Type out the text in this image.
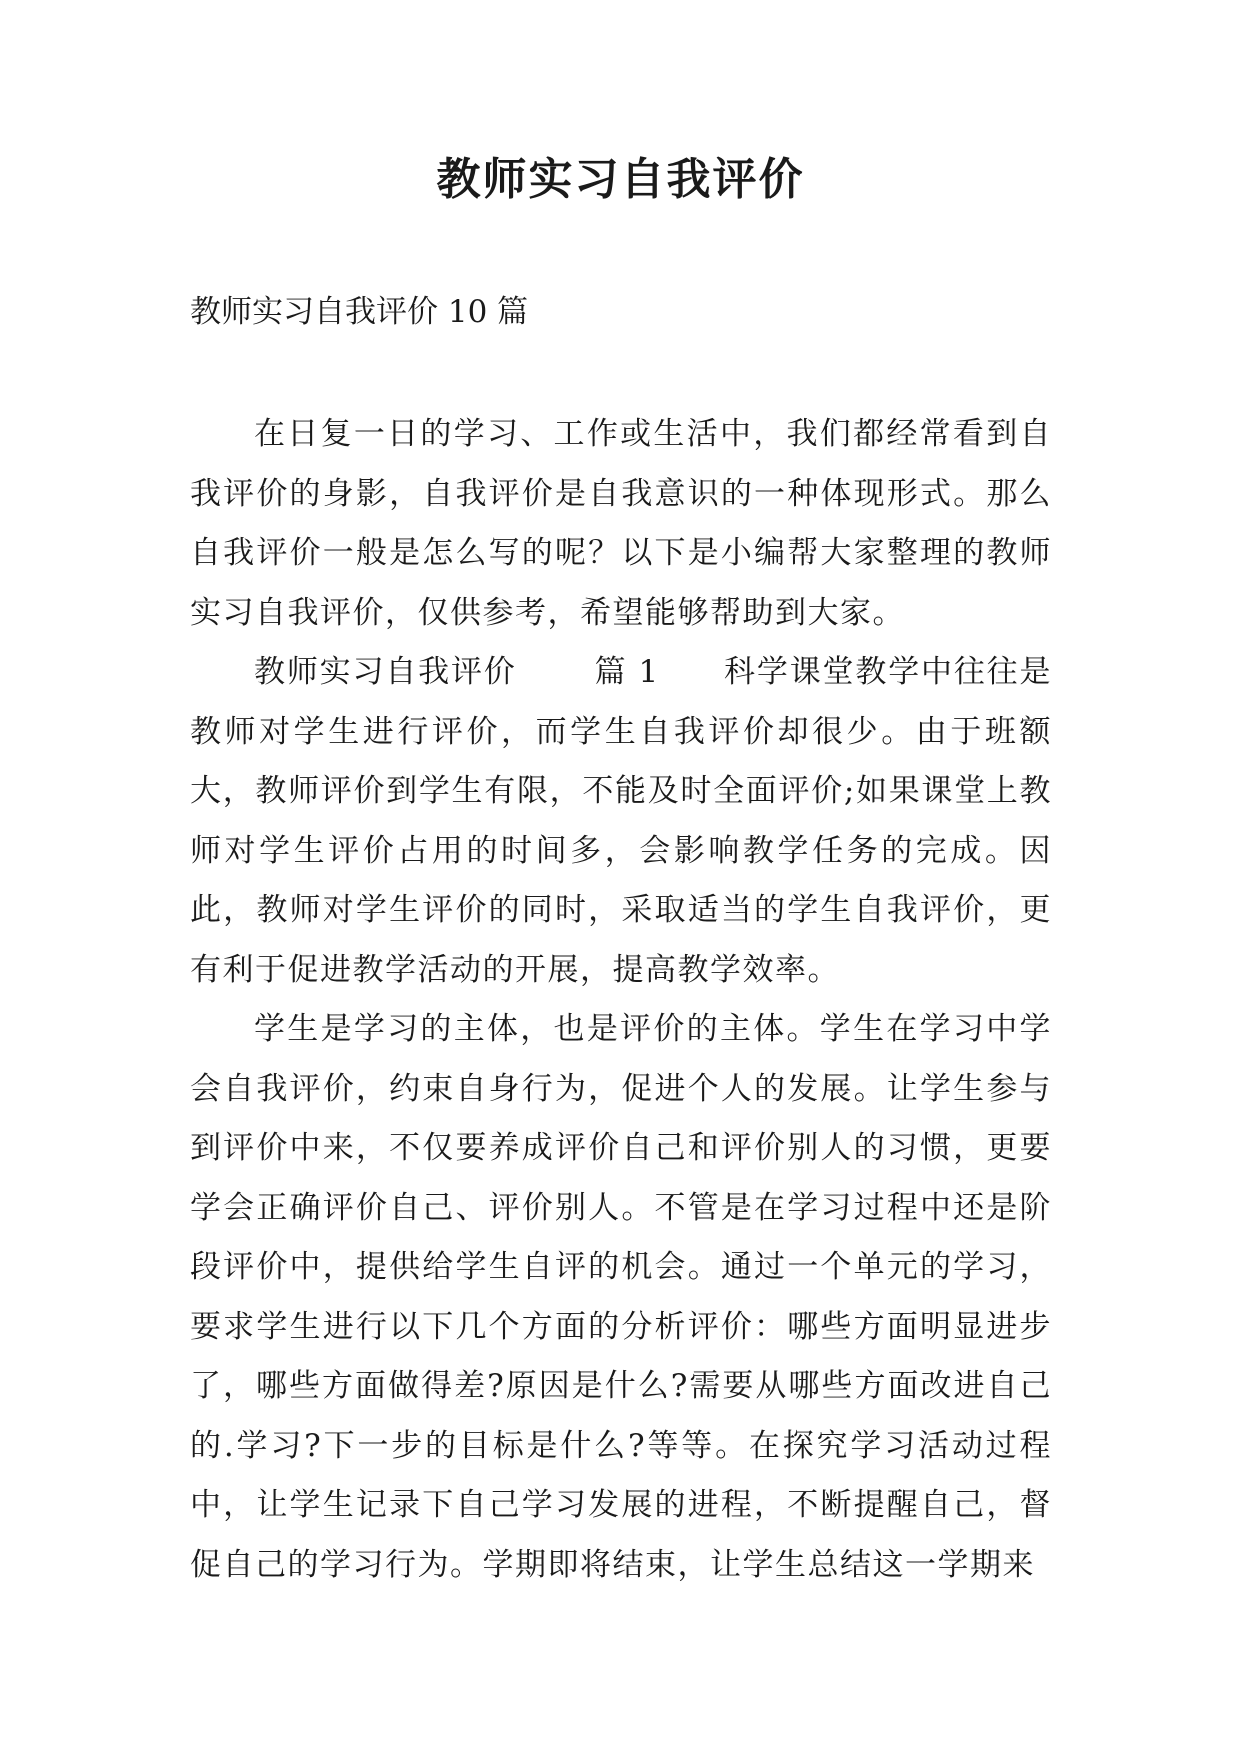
教师实习自我评价

教师实习自我评价 10 篇

在日复一日的学习、工作或生活中，我们都经常看到自我评价的身影，自我评价是自我意识的一种体现形式。那么自我评价一般是怎么写的呢？以下是小编帮大家整理的教师实习自我评价，仅供参考，希望能够帮助到大家。

教师实习自我评价	篇 1 科学课堂教学中往往是教师对学生进行评价，而学生自我评价却很少。由于班额大，教师评价到学生有限，不能及时全面评价;如果课堂上教师对学生评价占用的时间多，会影响教学任务的完成。因此，教师对学生评价的同时，采取适当的学生自我评价，更有利于促进教学活动的开展，提高教学效率。

学生是学习的主体，也是评价的主体。学生在学习中学会自我评价，约束自身行为，促进个人的发展。让学生参与到评价中来，不仅要养成评价自己和评价别人的习惯，更要学会正确评价自己、评价别人。不管是在学习过程中还是阶段评价中，提供给学生自评的机会。通过一个单元的学习，要求学生进行以下几个方面的分析评价：哪些方面明显进步了，哪些方面做得差?原因是什么?需要从哪些方面改进自己的.学习?下一步的目标是什么?等等。在探究学习活动过程中，让学生记录下自己学习发展的进程，不断提醒自己，督促自己的学习行为。学期即将结束，让学生总结这一学期来
